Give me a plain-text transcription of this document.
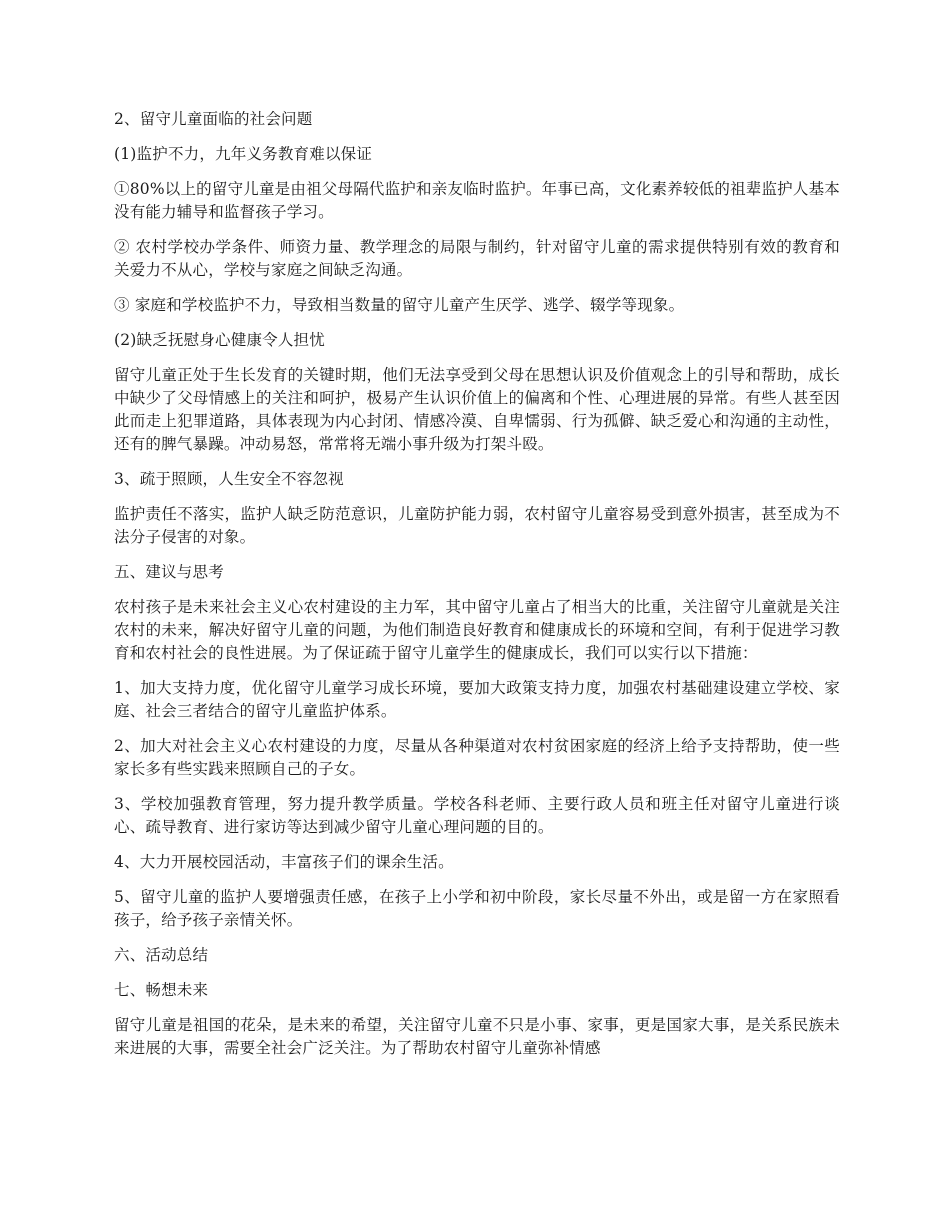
2、留守儿童面临的社会问题

(1)监护不力，九年义务教育难以保证

①80%以上的留守儿童是由祖父母隔代监护和亲友临时监护。年事已高，文化素养较低的祖辈监护人基本没有能力辅导和监督孩子学习。

② 农村学校办学条件、师资力量、教学理念的局限与制约，针对留守儿童的需求提供特别有效的教育和关爱力不从心，学校与家庭之间缺乏沟通。

③ 家庭和学校监护不力，导致相当数量的留守儿童产生厌学、逃学、辍学等现象。

(2)缺乏抚慰身心健康令人担忧

留守儿童正处于生长发育的关键时期，他们无法享受到父母在思想认识及价值观念上的引导和帮助，成长中缺少了父母情感上的关注和呵护，极易产生认识价值上的偏离和个性、心理进展的异常。有些人甚至因此而走上犯罪道路，具体表现为内心封闭、情感冷漠、自卑懦弱、行为孤僻、缺乏爱心和沟通的主动性，还有的脾气暴躁。冲动易怒，常常将无端小事升级为打架斗殴。

3、疏于照顾，人生安全不容忽视

监护责任不落实，监护人缺乏防范意识，儿童防护能力弱，农村留守儿童容易受到意外损害，甚至成为不法分子侵害的对象。

五、建议与思考

农村孩子是未来社会主义心农村建设的主力军，其中留守儿童占了相当大的比重，关注留守儿童就是关注农村的未来，解决好留守儿童的问题，为他们制造良好教育和健康成长的环境和空间，有利于促进学习教育和农村社会的良性进展。为了保证疏于留守儿童学生的健康成长，我们可以实行以下措施：

1、加大支持力度，优化留守儿童学习成长环境，要加大政策支持力度，加强农村基础建设建立学校、家庭、社会三者结合的留守儿童监护体系。

2、加大对社会主义心农村建设的力度，尽量从各种渠道对农村贫困家庭的经济上给予支持帮助，使一些家长多有些实践来照顾自己的子女。

3、学校加强教育管理，努力提升教学质量。学校各科老师、主要行政人员和班主任对留守儿童进行谈心、疏导教育、进行家访等达到减少留守儿童心理问题的目的。

4、大力开展校园活动，丰富孩子们的课余生活。

5、留守儿童的监护人要增强责任感，在孩子上小学和初中阶段，家长尽量不外出，或是留一方在家照看孩子，给予孩子亲情关怀。

六、活动总结

七、畅想未来

留守儿童是祖国的花朵，是未来的希望，关注留守儿童不只是小事、家事，更是国家大事，是关系民族未来进展的大事，需要全社会广泛关注。为了帮助农村留守儿童弥补情感
